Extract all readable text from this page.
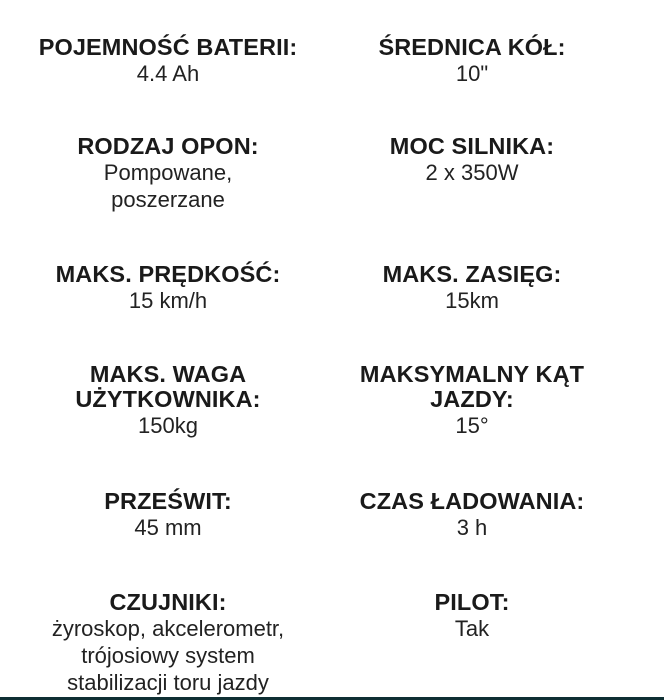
POJEMNOŚĆ BATERII:
4.4 Ah
ŚREDNICA KÓŁ:
10"
RODZAJ OPON:
Pompowane,
poszerzane
MOC SILNIKA:
2 x 350W
MAKS. PRĘDKOŚĆ:
15 km/h
MAKS. ZASIĘG:
15km
MAKS. WAGA
UŻYTKOWNIKA:
150kg
MAKSYMALNY KĄT
JAZDY:
15°
PRZEŚWIT:
45 mm
CZAS ŁADOWANIA:
3 h
CZUJNIKI:
żyroskop, akcelerometr,
trójosiowy system
stabilizacji toru jazdy
PILOT:
Tak
